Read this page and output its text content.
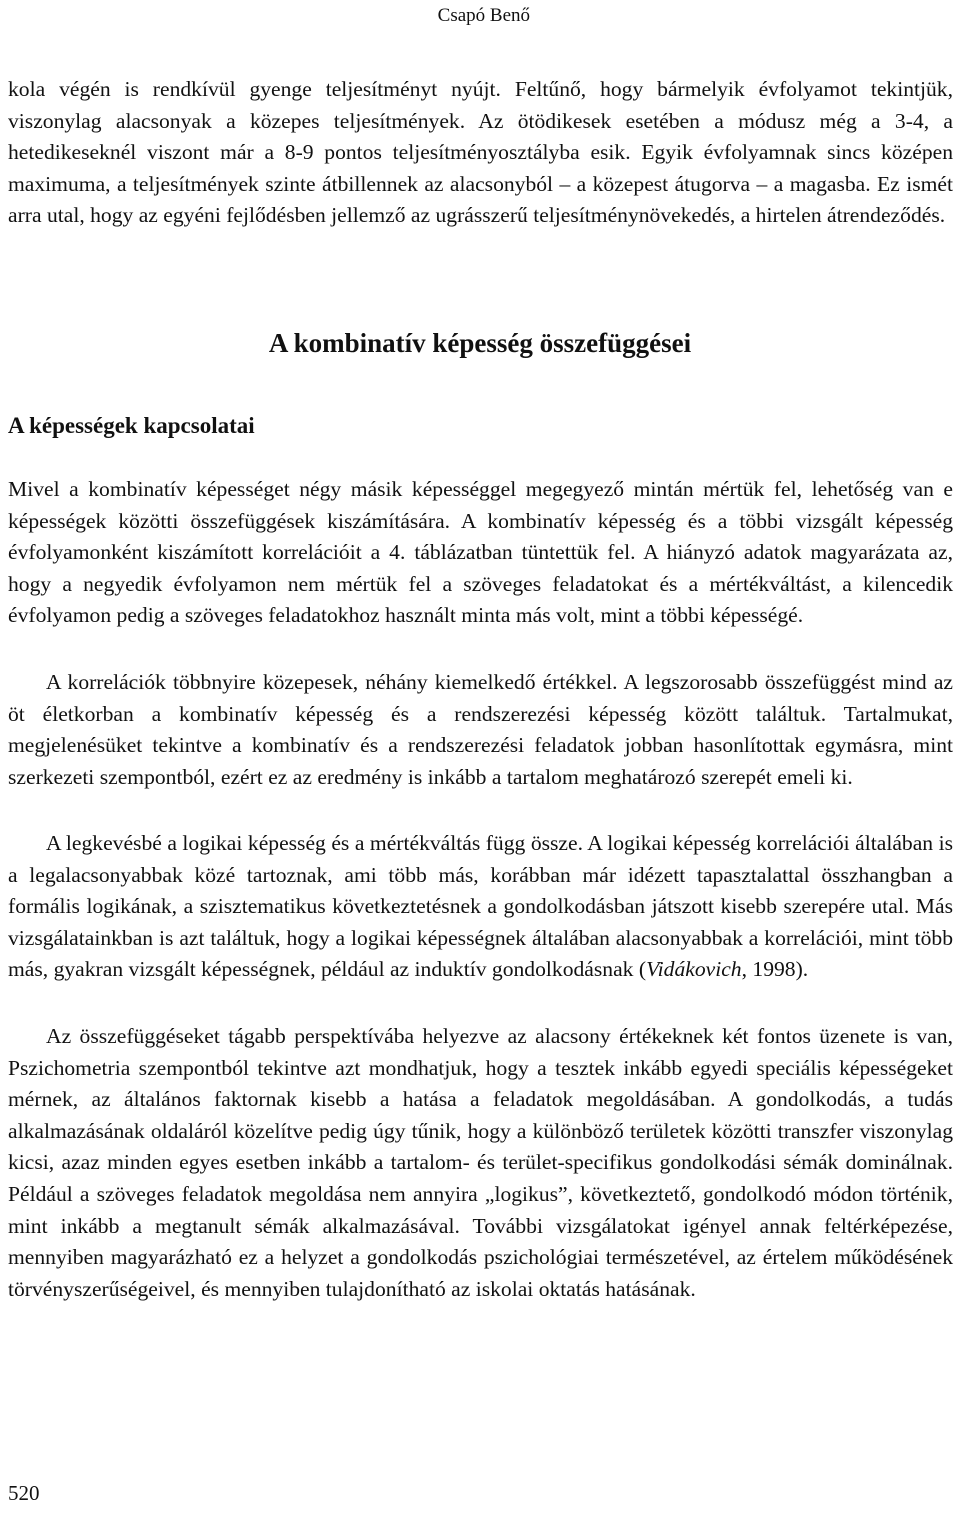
Csapó Benő

kola végén is rendkívül gyenge teljesítményt nyújt. Feltűnő, hogy bármelyik évfolyamot tekintjük, viszonylag alacsonyak a közepes teljesítmények. Az ötödikesek esetében a módusz még a 3-4, a hetedikeseknél viszont már a 8-9 pontos teljesítményosztályba esik. Egyik évfolyamnak sincs középen maximuma, a teljesítmények szinte átbillennek az alacsonyból – a közepest átugorva – a magasba. Ez ismét arra utal, hogy az egyéni fejlődésben jellemző az ugrásszerű teljesítménynövekedés, a hirtelen átrendeződés.

A kombinatív képesség összefüggései
A képességek kapcsolatai

Mivel a kombinatív képességet négy másik képességgel megegyező mintán mértük fel, lehetőség van e képességek közötti összefüggések kiszámítására. A kombinatív képesség és a többi vizsgált képesség évfolyamonként kiszámított korrelációit a 4. táblázatban tüntettük fel. A hiányzó adatok magyarázata az, hogy a negyedik évfolyamon nem mértük fel a szöveges feladatokat és a mértékváltást, a kilencedik évfolyamon pedig a szöveges feladatokhoz használt minta más volt, mint a többi képességé.

A korrelációk többnyire közepesek, néhány kiemelkedő értékkel. A legszorosabb összefüggést mind az öt életkorban a kombinatív képesség és a rendszerezési képesség között találtuk. Tartalmukat, megjelenésüket tekintve a kombinatív és a rendszerezési feladatok jobban hasonlítottak egymásra, mint szerkezeti szempontból, ezért ez az eredmény is inkább a tartalom meghatározó szerepét emeli ki.

A legkevésbé a logikai képesség és a mértékváltás függ össze. A logikai képesség korrelációi általában is a legalacsonyabbak közé tartoznak, ami több más, korábban már idézett tapasztalattal összhangban a formális logikának, a szisztematikus következtetésnek a gondolkodásban játszott kisebb szerepére utal. Más vizsgálatainkban is azt találtuk, hogy a logikai képességnek általában alacsonyabbak a korrelációi, mint több más, gyakran vizsgált képességnek, például az induktív gondolkodásnak (Vidákovich, 1998).

Az összefüggéseket tágabb perspektívába helyezve az alacsony értékeknek két fontos üzenete is van, Pszichometria szempontból tekintve azt mondhatjuk, hogy a tesztek inkább egyedi speciális képességeket mérnek, az általános faktornak kisebb a hatása a feladatok megoldásában. A gondolkodás, a tudás alkalmazásának oldaláról közelítve pedig úgy tűnik, hogy a különböző területek közötti transzfer viszonylag kicsi, azaz minden egyes esetben inkább a tartalom- és terület-specifikus gondolkodási sémák dominálnak. Például a szöveges feladatok megoldása nem annyira „logikus”, következtető, gondolkodó módon történik, mint inkább a megtanult sémák alkalmazásával. További vizsgálatokat igényel annak feltérképezése, mennyiben magyarázható ez a helyzet a gondolkodás pszichológiai természetével, az értelem működésének törvényszerűségeivel, és mennyiben tulajdonítható az iskolai oktatás hatásának.

520
